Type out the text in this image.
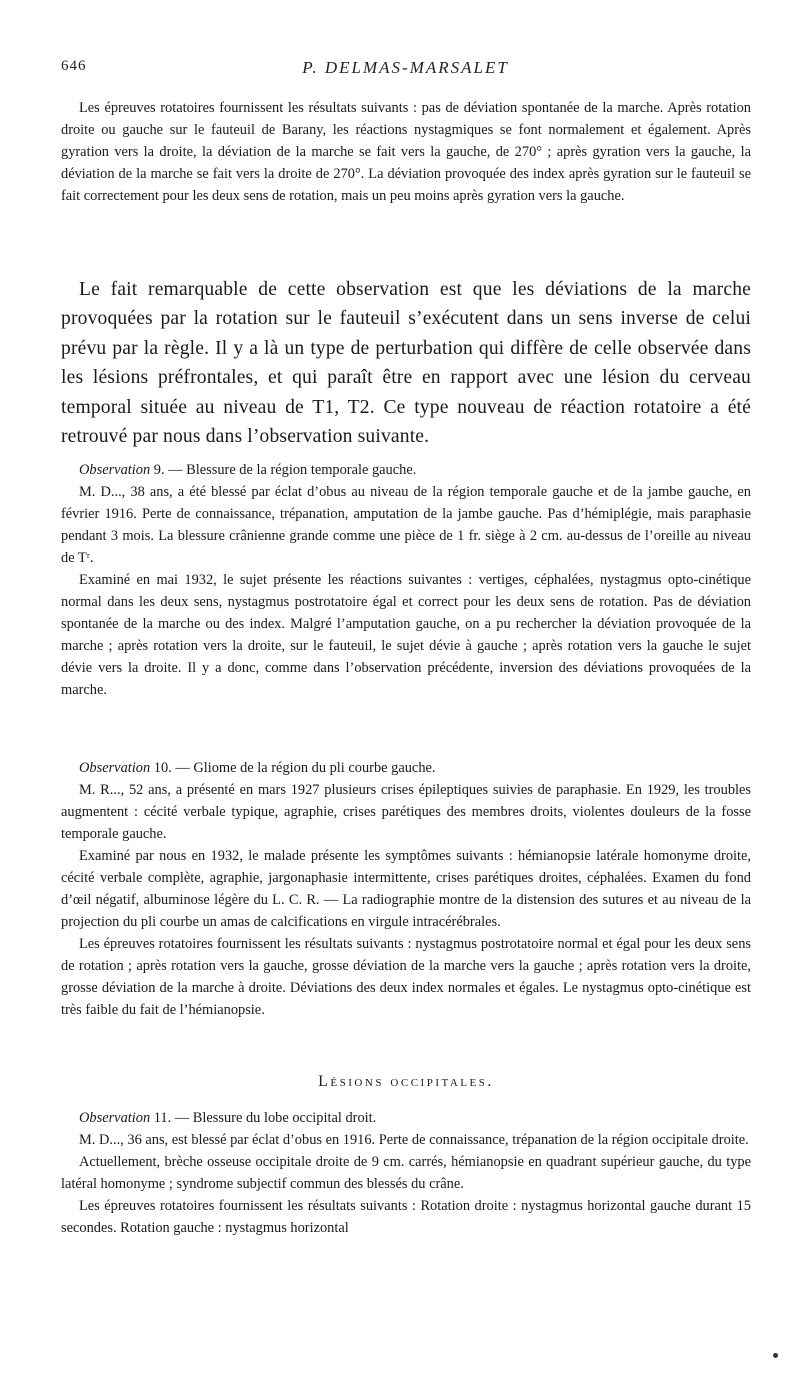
646	P. DELMAS-MARSALET

Les épreuves rotatoires fournissent les résultats suivants : pas de déviation spontanée de la marche. Après rotation droite ou gauche sur le fauteuil de Barany, les réactions nystagmiques se font normalement et également. Après gyration vers la droite, la déviation de la marche se fait vers la gauche, de 270° ; après gyration vers la gauche, la déviation de la marche se fait vers la droite de 270°. La déviation provoquée des index après gyration sur le fauteuil se fait correctement pour les deux sens de rotation, mais un peu moins après gyration vers la gauche.

Le fait remarquable de cette observation est que les déviations de la marche provoquées par la rotation sur le fauteuil s’exécutent dans un sens inverse de celui prévu par la règle. Il y a là un type de perturbation qui diffère de celle observée dans les lésions préfrontales, et qui paraît être en rapport avec une lésion du cerveau temporal située au niveau de T1, T2. Ce type nouveau de réaction rotatoire a été retrouvé par nous dans l’observation suivante.

Observation 9. — Blessure de la région temporale gauche.

M. D..., 38 ans, a été blessé par éclat d’obus au niveau de la région temporale gauche et de la jambe gauche, en février 1916. Perte de connaissance, trépanation, amputation de la jambe gauche. Pas d’hémiplégie, mais paraphasie pendant 3 mois. La blessure crânienne grande comme une pièce de 1 fr. siège à 2 cm. au-dessus de l’oreille au niveau de Tʳ.

Examiné en mai 1932, le sujet présente les réactions suivantes : vertiges, céphalées, nystagmus opto-cinétique normal dans les deux sens, nystagmus postrotatoire égal et correct pour les deux sens de rotation. Pas de déviation spontanée de la marche ou des index. Malgré l’amputation gauche, on a pu rechercher la déviation provoquée de la marche ; après rotation vers la droite, sur le fauteuil, le sujet dévie à gauche ; après rotation vers la gauche le sujet dévie vers la droite. Il y a donc, comme dans l’observation précédente, inversion des déviations provoquées de la marche.

Observation 10. — Gliome de la région du pli courbe gauche.

M. R..., 52 ans, a présenté en mars 1927 plusieurs crises épileptiques suivies de paraphasie. En 1929, les troubles augmentent : cécité verbale typique, agraphie, crises parétiques des membres droits, violentes douleurs de la fosse temporale gauche.

Examiné par nous en 1932, le malade présente les symptômes suivants : hémianopsie latérale homonyme droite, cécité verbale complète, agraphie, jargonaphasie intermittente, crises parétiques droites, céphalées. Examen du fond d’œil négatif, albuminose légère du L. C. R. — La radiographie montre de la distension des sutures et au niveau de la projection du pli courbe un amas de calcifications en virgule intracérébrales.

Les épreuves rotatoires fournissent les résultats suivants : nystagmus postrotatoire normal et égal pour les deux sens de rotation ; après rotation vers la gauche, grosse déviation de la marche vers la gauche ; après rotation vers la droite, grosse déviation de la marche à droite. Déviations des deux index normales et égales. Le nystagmus opto-cinétique est très faible du fait de l’hémianopsie.

Lésions occipitales.

Observation 11. — Blessure du lobe occipital droit.

M. D..., 36 ans, est blessé par éclat d’obus en 1916. Perte de connaissance, trépanation de la région occipitale droite.

Actuellement, brèche osseuse occipitale droite de 9 cm. carrés, hémianopsie en quadrant supérieur gauche, du type latéral homonyme ; syndrome subjectif commun des blessés du crâne.

Les épreuves rotatoires fournissent les résultats suivants : Rotation droite : nystagmus horizontal gauche durant 15 secondes. Rotation gauche : nystagmus horizontal
